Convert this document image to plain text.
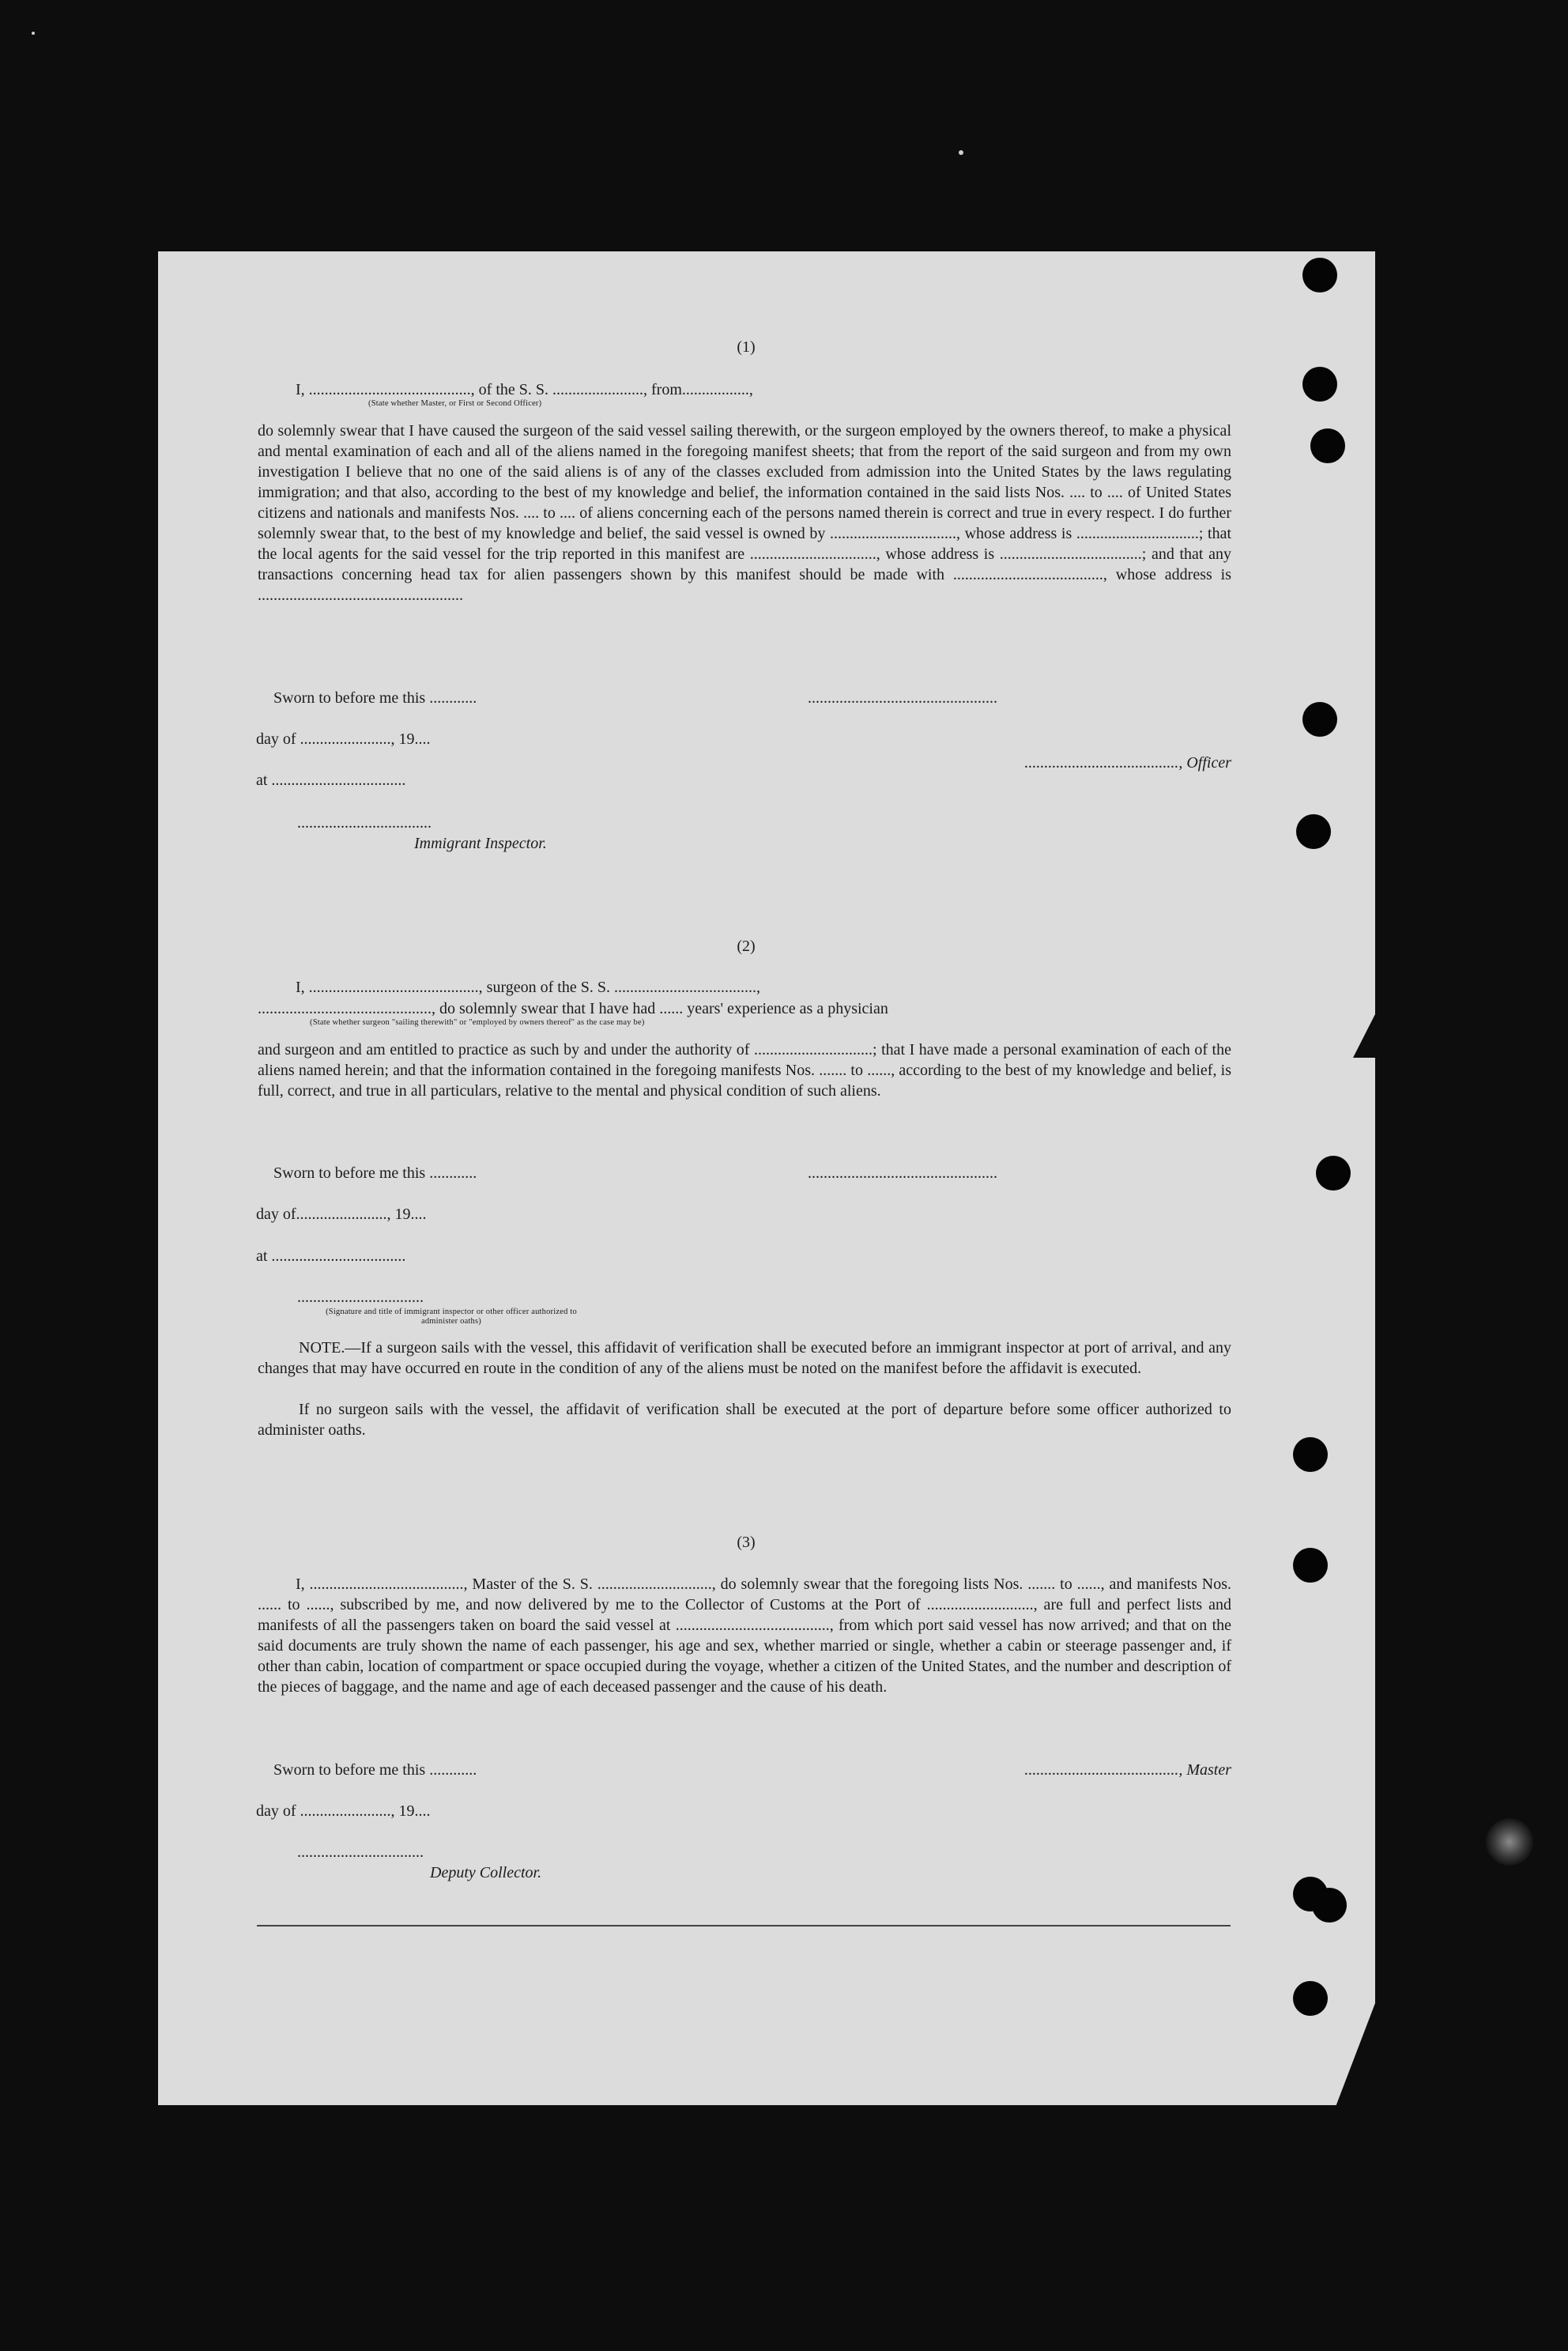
(1)
I, ........................................., of the S. S. ......................., from.................,
(State whether Master, or First or Second Officer)
do solemnly swear that I have caused the surgeon of the said vessel sailing therewith, or the surgeon employed by the owners thereof, to make a physical and mental examination of each and all of the aliens named in the foregoing manifest sheets; that from the report of the said surgeon and from my own investigation I believe that no one of the said aliens is of any of the classes excluded from admission into the United States by the laws regulating immigration; and that also, according to the best of my knowledge and belief, the information contained in the said lists Nos. .... to .... of United States citizens and nationals and manifests Nos. .... to .... of aliens concerning each of the persons named therein is correct and true in every respect. I do further solemnly swear that, to the best of my knowledge and belief, the said vessel is owned by ................................, whose address is ...............................; that the local agents for the said vessel for the trip reported in this manifest are ................................, whose address is ....................................; and that any transactions concerning head tax for alien passengers shown by this manifest should be made with ......................................, whose address is ....................................................
Sworn to before me this ............	................................................
day of ......................., 19....
......................................., Officer
at ..................................
..................................
Immigrant Inspector.
(2)
I, ..........................................., surgeon of the S. S. ....................................,
............................................, do solemnly swear that I have had ...... years' experience as a physician
(State whether surgeon "sailing therewith" or "employed by owners thereof" as the case may be)
and surgeon and am entitled to practice as such by and under the authority of ..............................; that I have made a personal examination of each of the aliens named herein; and that the information contained in the foregoing manifests Nos. ....... to ......, according to the best of my knowledge and belief, is full, correct, and true in all particulars, relative to the mental and physical condition of such aliens.
Sworn to before me this ............	................................................
day of......................., 19....
at ..................................
................................
(Signature and title of immigrant inspector or other officer authorized to administer oaths)
NOTE.—If a surgeon sails with the vessel, this affidavit of verification shall be executed before an immigrant inspector at port of arrival, and any changes that may have occurred en route in the condition of any of the aliens must be noted on the manifest before the affidavit is executed.
If no surgeon sails with the vessel, the affidavit of verification shall be executed at the port of departure before some officer authorized to administer oaths.
(3)
I, ......................................., Master of the S. S. ............................., do solemnly swear that the foregoing lists Nos. ....... to ......, and manifests Nos. ...... to ......, subscribed by me, and now delivered by me to the Collector of Customs at the Port of ..........................., are full and perfect lists and manifests of all the passengers taken on board the said vessel at ......................................., from which port said vessel has now arrived; and that on the said documents are truly shown the name of each passenger, his age and sex, whether married or single, whether a cabin or steerage passenger and, if other than cabin, location of compartment or space occupied during the voyage, whether a citizen of the United States, and the number and description of the pieces of baggage, and the name and age of each deceased passenger and the cause of his death.
Sworn to before me this ............	......................................., Master
day of ......................., 19....
................................
Deputy Collector.
